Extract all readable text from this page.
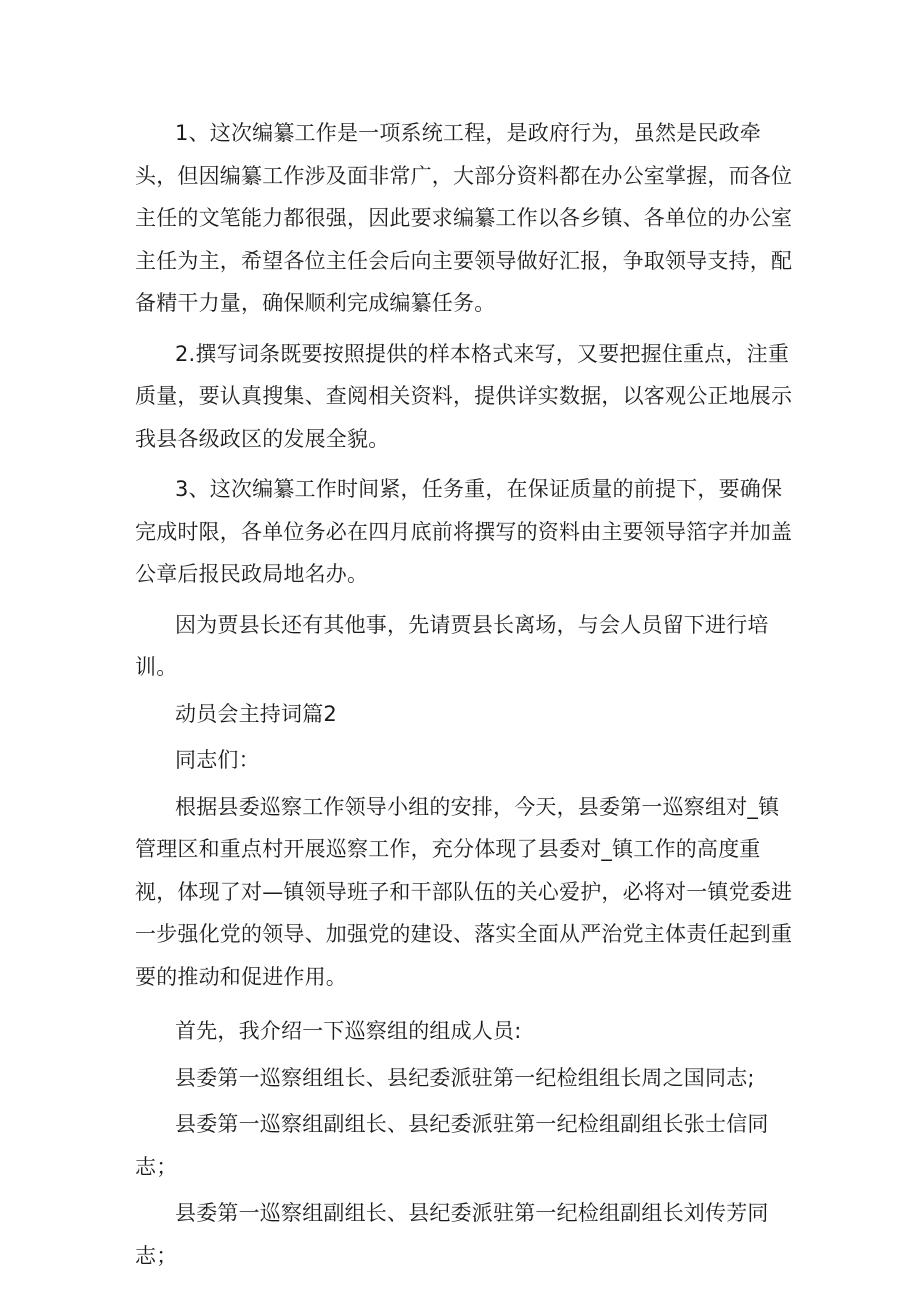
1、这次编纂工作是一项系统工程，是政府行为，虽然是民政牵头，但因编纂工作涉及面非常广，大部分资料都在办公室掌握，而各位主任的文笔能力都很强，因此要求编纂工作以各乡镇、各单位的办公室主任为主，希望各位主任会后向主要领导做好汇报，争取领导支持，配备精干力量，确保顺利完成编纂任务。

2.撰写词条既要按照提供的样本格式来写，又要把握住重点，注重质量，要认真搜集、查阅相关资料，提供详实数据，以客观公正地展示我县各级政区的发展全貌。

3、这次编纂工作时间紧，任务重，在保证质量的前提下，要确保完成时限，各单位务必在四月底前将撰写的资料由主要领导箔字并加盖公章后报民政局地名办。

因为贾县长还有其他事，先请贾县长离场，与会人员留下进行培训。

动员会主持词篇2

同志们：

根据县委巡察工作领导小组的安排，今天，县委第一巡察组对_镇管理区和重点村开展巡察工作，充分体现了县委对_镇工作的高度重视，体现了对—镇领导班子和干部队伍的关心爱护，必将对一镇党委进一步强化党的领导、加强党的建设、落实全面从严治党主体责任起到重要的推动和促进作用。

首先，我介绍一下巡察组的组成人员:

县委第一巡察组组长、县纪委派驻第一纪检组组长周之国同志;

县委第一巡察组副组长、县纪委派驻第一纪检组副组长张士信同志；

县委第一巡察组副组长、县纪委派驻第一纪检组副组长刘传芳同志；
